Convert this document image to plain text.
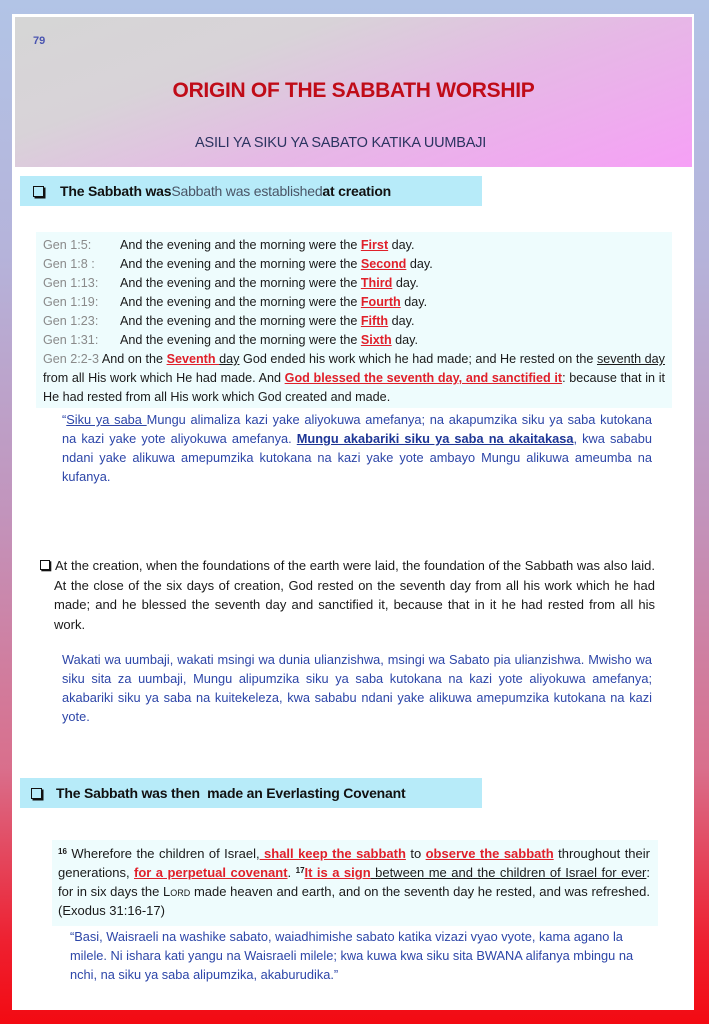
79
ORIGIN OF THE SABBATH WORSHIP
ASILI YA SIKU YA SABATO KATIKA UUMBAJI
The Sabbath was Sabbath was established at creation
Gen 1:5: And the evening and the morning were the First day.
Gen 1:8 : And the evening and the morning were the Second day.
Gen 1:13: And the evening and the morning were the Third day.
Gen 1:19: And the evening and the morning were the Fourth day.
Gen 1:23: And the evening and the morning were the Fifth day.
Gen 1:31: And the evening and the morning were the Sixth day.
Gen 2:2-3 And on the Seventh day God ended his work which he had made; and He rested on the seventh day from all His work which He had made. And God blessed the seventh day, and sanctified it: because that in it He had rested from all His work which God created and made.
“Siku ya saba Mungu alimaliza kazi yake aliyokuwa amefanya; na akapumzika siku ya saba kutokana na kazi yake yote aliyokuwa amefanya. Mungu akabariki siku ya saba na akaitakasa, kwa sababu ndani yake alikuwa amepumzika kutokana na kazi yake yote ambayo Mungu alikuwa ameumba na kufanya.
At the creation, when the foundations of the earth were laid, the foundation of the Sabbath was also laid. At the close of the six days of creation, God rested on the seventh day from all his work which he had made; and he blessed the seventh day and sanctified it, because that in it he had rested from all his work.
Wakati wa uumbaji, wakati msingi wa dunia ulianzishwa, msingi wa Sabato pia ulianzishwa. Mwisho wa siku sita za uumbaji, Mungu alipumzika siku ya saba kutokana na kazi yote aliyokuwa amefanya; akabariki siku ya saba na kuitekeleza, kwa sababu ndani yake alikuwa amepumzika kutokana na kazi yote.
The Sabbath was then  made an Everlasting Covenant
$^{16}$ Wherefore the children of Israel, shall keep the sabbath to observe the sabbath throughout their generations, for a perpetual covenant. $^{17}$It is a sign between me and the children of Israel for ever: for in six days the Lord made heaven and earth, and on the seventh day he rested, and was refreshed. (Exodus 31:16-17)
“Basi, Waisraeli na washike sabato, waiadhimishe sabato katika vizazi vyao vyote, kama agano la milele. Ni ishara kati yangu na Waisraeli milele; kwa kuwa kwa siku sita BWANA alifanya mbingu na nchi, na siku ya saba alipumzika, akaburudika.”
